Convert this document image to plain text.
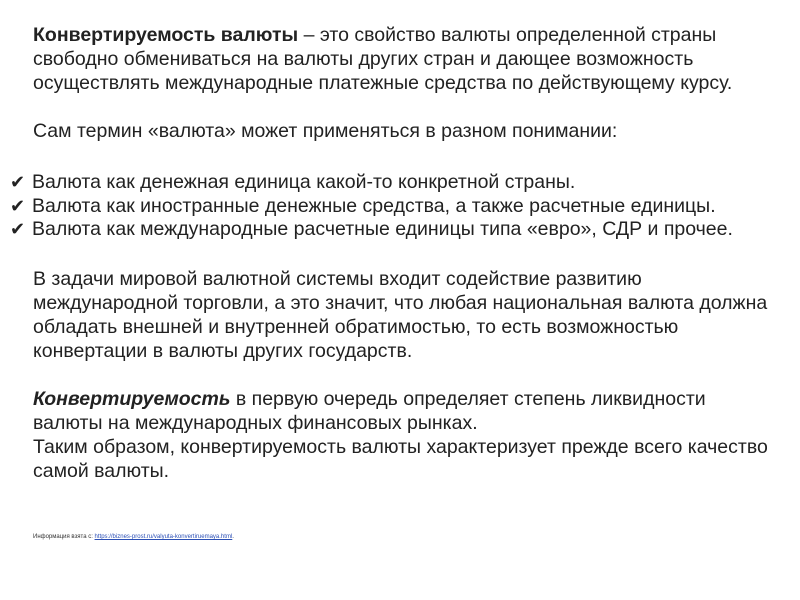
Конвертируемость валюты – это свойство валюты определенной страны свободно обмениваться на валюты других стран и дающее возможность осуществлять международные платежные средства по действующему курсу.

Сам термин «валюта» может применяться в разном понимании:

✔ Валюта как денежная единица какой-то конкретной страны.
✔ Валюта как иностранные денежные средства, а также расчетные единицы.
✔ Валюта как международные расчетные единицы типа «евро», СДР и прочее.

В задачи мировой валютной системы входит содействие развитию международной торговли, а это значит, что любая национальная валюта должна обладать внешней и внутренней обратимостью, то есть возможностью конвертации в валюты других государств.

Конвертируемость в первую очередь определяет степень ликвидности валюты на международных финансовых рынках.
Таким образом, конвертируемость валюты характеризует прежде всего качество самой валюты.

Информация взята с: https://biznes-prost.ru/valyuta-konvertiruemaya.html.
